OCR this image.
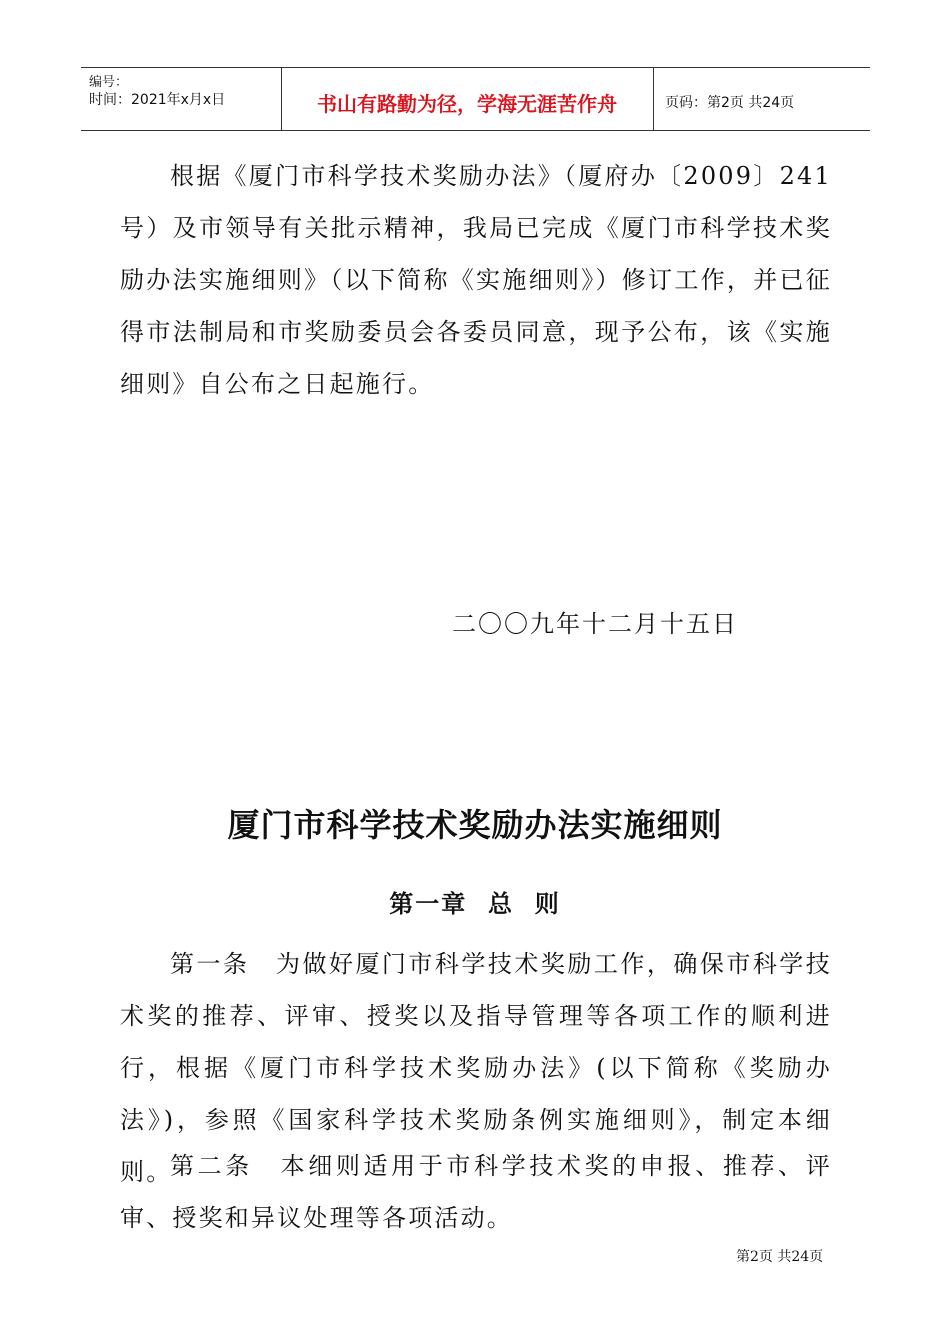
编号：
时间：2021年x月x日	书山有路勤为径，学海无涯苦作舟	页码：第2页 共24页

根据《厦门市科学技术奖励办法》（厦府办〔2009〕241号）及市领导有关批示精神，我局已完成《厦门市科学技术奖励办法实施细则》（以下简称《实施细则》）修订工作，并已征得市法制局和市奖励委员会各委员同意，现予公布，该《实施细则》自公布之日起施行。

二〇〇九年十二月十五日
厦门市科学技术奖励办法实施细则
第一章  总  则

第一条　为做好厦门市科学技术奖励工作，确保市科学技术奖的推荐、评审、授奖以及指导管理等各项工作的顺利进行，根据《厦门市科学技术奖励办法》(以下简称《奖励办法》)，参照《国家科学技术奖励条例实施细则》，制定本细则。

第二条　本细则适用于市科学技术奖的申报、推荐、评审、授奖和异议处理等各项活动。

第2页 共24页
